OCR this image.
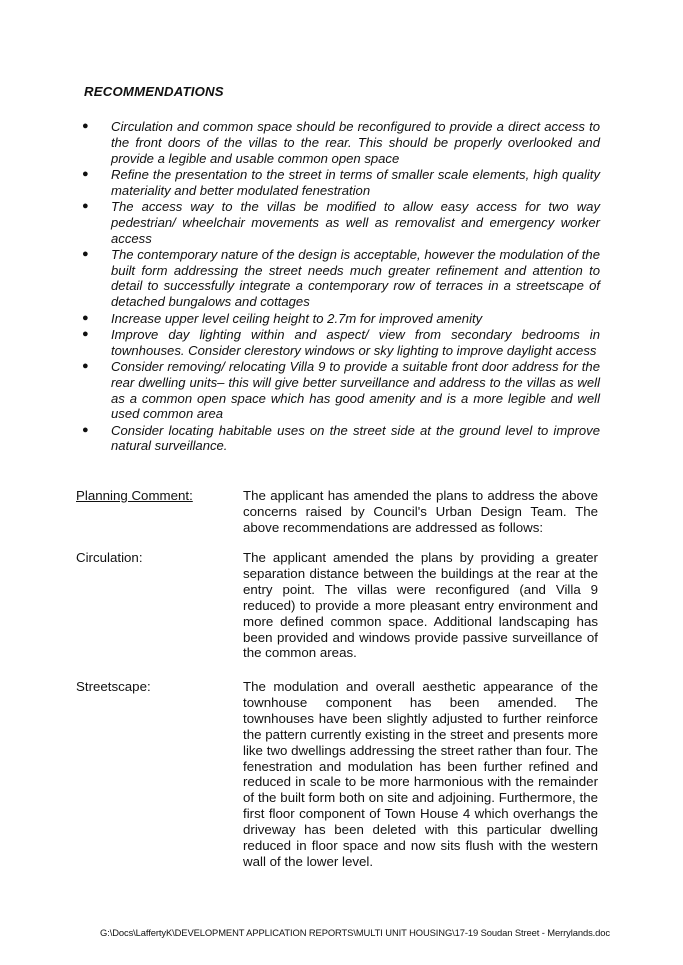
RECOMMENDATIONS
● Circulation and common space should be reconfigured to provide a direct access to the front doors of the villas to the rear. This should be properly overlooked and provide a legible and usable common open space
● Refine the presentation to the street in terms of smaller scale elements, high quality materiality and better modulated fenestration
● The access way to the villas be modified to allow easy access for two way pedestrian/ wheelchair movements as well as removalist and emergency worker access
● The contemporary nature of the design is acceptable, however the modulation of the built form addressing the street needs much greater refinement and attention to detail to successfully integrate a contemporary row of terraces in a streetscape of detached bungalows and cottages
● Increase upper level ceiling height to 2.7m for improved amenity
● Improve day lighting within and aspect/ view from secondary bedrooms in townhouses. Consider clerestory windows or sky lighting to improve daylight access
● Consider removing/ relocating Villa 9 to provide a suitable front door address for the rear dwelling units– this will give better surveillance and address to the villas as well as a common open space which has good amenity and is a more legible and well used common area
● Consider locating habitable uses on the street side at the ground level to improve natural surveillance.
Planning Comment:	The applicant has amended the plans to address the above concerns raised by Council's Urban Design Team. The above recommendations are addressed as follows:
Circulation:	The applicant amended the plans by providing a greater separation distance between the buildings at the rear at the entry point. The villas were reconfigured (and Villa 9 reduced) to provide a more pleasant entry environment and more defined common space. Additional landscaping has been provided and windows provide passive surveillance of the common areas.
Streetscape:	The modulation and overall aesthetic appearance of the townhouse component has been amended. The townhouses have been slightly adjusted to further reinforce the pattern currently existing in the street and presents more like two dwellings addressing the street rather than four. The fenestration and modulation has been further refined and reduced in scale to be more harmonious with the remainder of the built form both on site and adjoining. Furthermore, the first floor component of Town House 4 which overhangs the driveway has been deleted with this particular dwelling reduced in floor space and now sits flush with the western wall of the lower level.
G:\Docs\LaffertyK\DEVELOPMENT APPLICATION REPORTS\MULTI UNIT HOUSING\17-19 Soudan Street - Merrylands.doc
